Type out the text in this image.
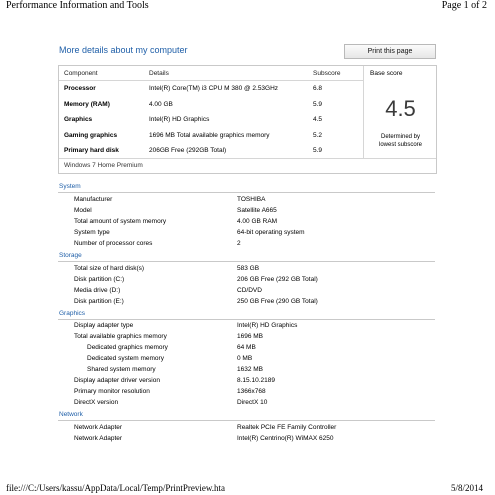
Performance Information and Tools	Page 1 of 2
More details about my computer	Print this page
Component	Details	Subscore
Processor	Intel(R) Core(TM) i3 CPU M 380 @ 2.53GHz	6.8
Memory (RAM)	4.00 GB	5.9
Graphics	Intel(R) HD Graphics	4.5
Gaming graphics	1696 MB Total available graphics memory	5.2
Primary hard disk	206GB Free (292GB Total)	5.9
Base score
4.5
Determined by
lowest subscore
Windows 7 Home Premium
System
Manufacturer	TOSHIBA
Model	Satellite A665
Total amount of system memory	4.00 GB RAM
System type	64-bit operating system
Number of processor cores	2
Storage
Total size of hard disk(s)	583 GB
Disk partition (C:)	206 GB Free (292 GB Total)
Media drive (D:)	CD/DVD
Disk partition (E:)	250 GB Free (290 GB Total)
Graphics
Display adapter type	Intel(R) HD Graphics
Total available graphics memory	1696 MB
Dedicated graphics memory	64 MB
Dedicated system memory	0 MB
Shared system memory	1632 MB
Display adapter driver version	8.15.10.2189
Primary monitor resolution	1366x768
DirectX version	DirectX 10
Network
Network Adapter	Realtek PCIe FE Family Controller
Network Adapter	Intel(R) Centrino(R) WiMAX 6250
file:///C:/Users/kassu/AppData/Local/Temp/PrintPreview.hta	5/8/2014
